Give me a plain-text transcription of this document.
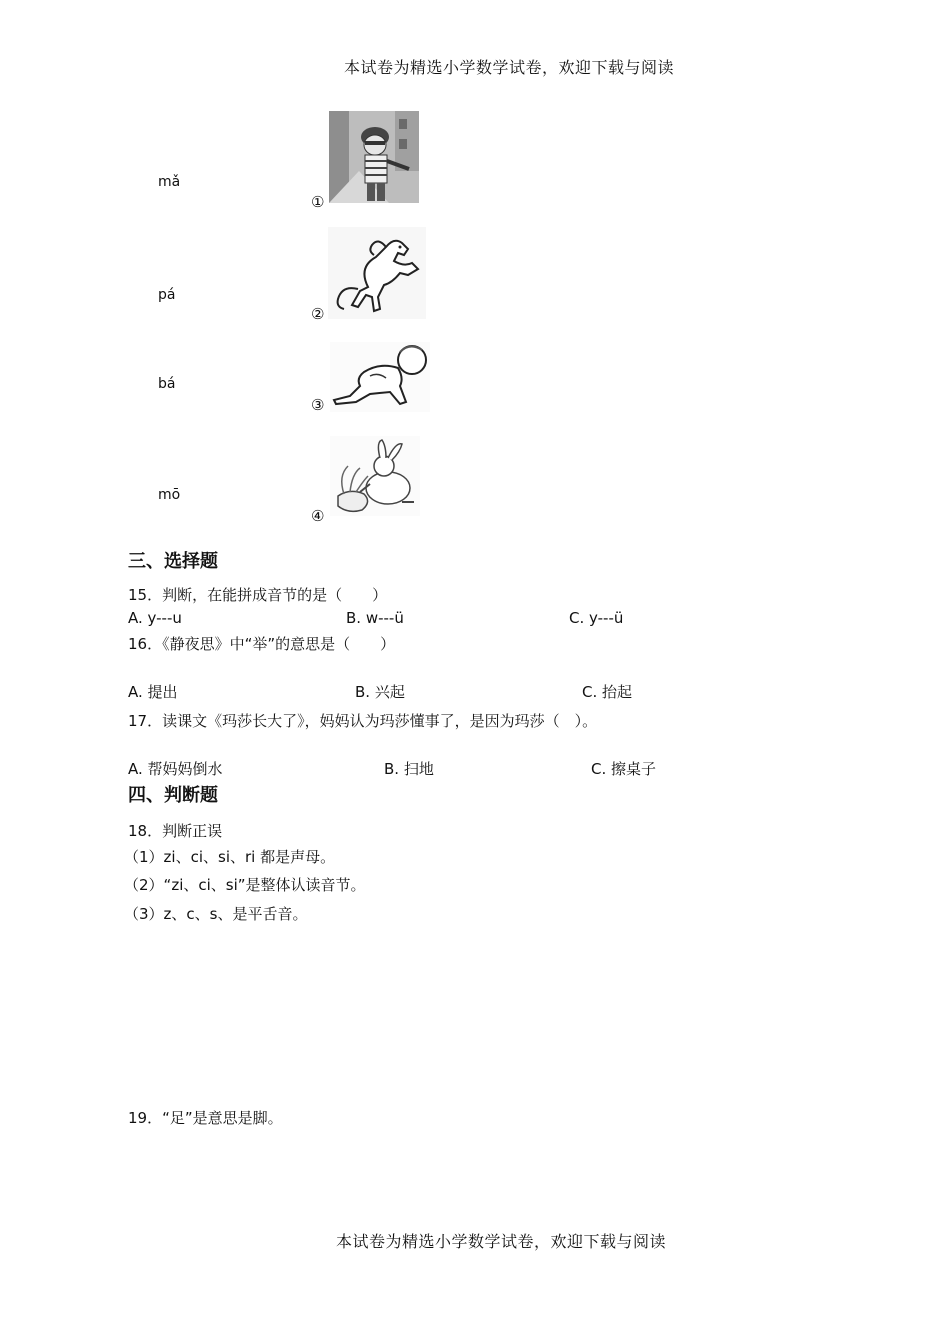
本试卷为精选小学数学试卷，欢迎下载与阅读
mǎ
pá
bá
mō
①
②
③
④
三、选择题
15．判断，在能拼成音节的是（　　）
A. y---u	B. w---ü	C. y---ü
16．《静夜思》中“举”的意思是（　　）
A. 提出	B. 兴起	C. 抬起
17．读课文《玛莎长大了》，妈妈认为玛莎懂事了，是因为玛莎（　）。
A. 帮妈妈倒水	B. 扫地	C. 擦桌子
四、判断题
18．判断正误
（1）zi、ci、si、ri 都是声母。
（2）“zi、ci、si”是整体认读音节。
（3）z、c、s、是平舌音。
19．“足”是意思是脚。
本试卷为精选小学数学试卷，欢迎下载与阅读
